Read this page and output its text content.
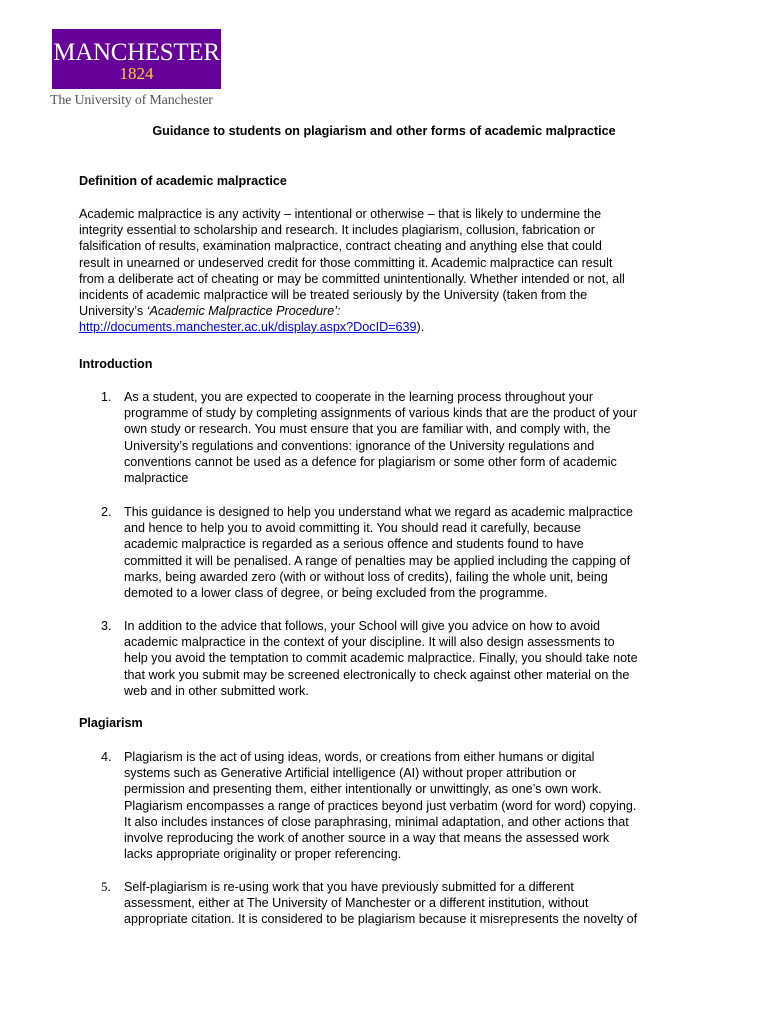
MANCHESTER
1824
The University of Manchester
Guidance to students on plagiarism and other forms of academic malpractice
Definition of academic malpractice
Academic malpractice is any activity – intentional or otherwise – that is likely to undermine the
integrity essential to scholarship and research. It includes plagiarism, collusion, fabrication or
falsification of results, examination malpractice, contract cheating and anything else that could
result in unearned or undeserved credit for those committing it. Academic malpractice can result
from a deliberate act of cheating or may be committed unintentionally. Whether intended or not, all
incidents of academic malpractice will be treated seriously by the University (taken from the
University’s ‘Academic Malpractice Procedure’:
http://documents.manchester.ac.uk/display.aspx?DocID=639).
Introduction
1. As a student, you are expected to cooperate in the learning process throughout your
programme of study by completing assignments of various kinds that are the product of your
own study or research. You must ensure that you are familiar with, and comply with, the
University’s regulations and conventions: ignorance of the University regulations and
conventions cannot be used as a defence for plagiarism or some other form of academic
malpractice
2. This guidance is designed to help you understand what we regard as academic malpractice
and hence to help you to avoid committing it. You should read it carefully, because
academic malpractice is regarded as a serious offence and students found to have
committed it will be penalised. A range of penalties may be applied including the capping of
marks, being awarded zero (with or without loss of credits), failing the whole unit, being
demoted to a lower class of degree, or being excluded from the programme.
3. In addition to the advice that follows, your School will give you advice on how to avoid
academic malpractice in the context of your discipline. It will also design assessments to
help you avoid the temptation to commit academic malpractice. Finally, you should take note
that work you submit may be screened electronically to check against other material on the
web and in other submitted work.
Plagiarism
4. Plagiarism is the act of using ideas, words, or creations from either humans or digital
systems such as Generative Artificial intelligence (AI) without proper attribution or
permission and presenting them, either intentionally or unwittingly, as one’s own work.
Plagiarism encompasses a range of practices beyond just verbatim (word for word) copying.
It also includes instances of close paraphrasing, minimal adaptation, and other actions that
involve reproducing the work of another source in a way that means the assessed work
lacks appropriate originality or proper referencing.
5.	Self-plagiarism is re-using work that you have previously submitted for a different
assessment, either at The University of Manchester or a different institution, without
appropriate citation. It is considered to be plagiarism because it misrepresents the novelty of
